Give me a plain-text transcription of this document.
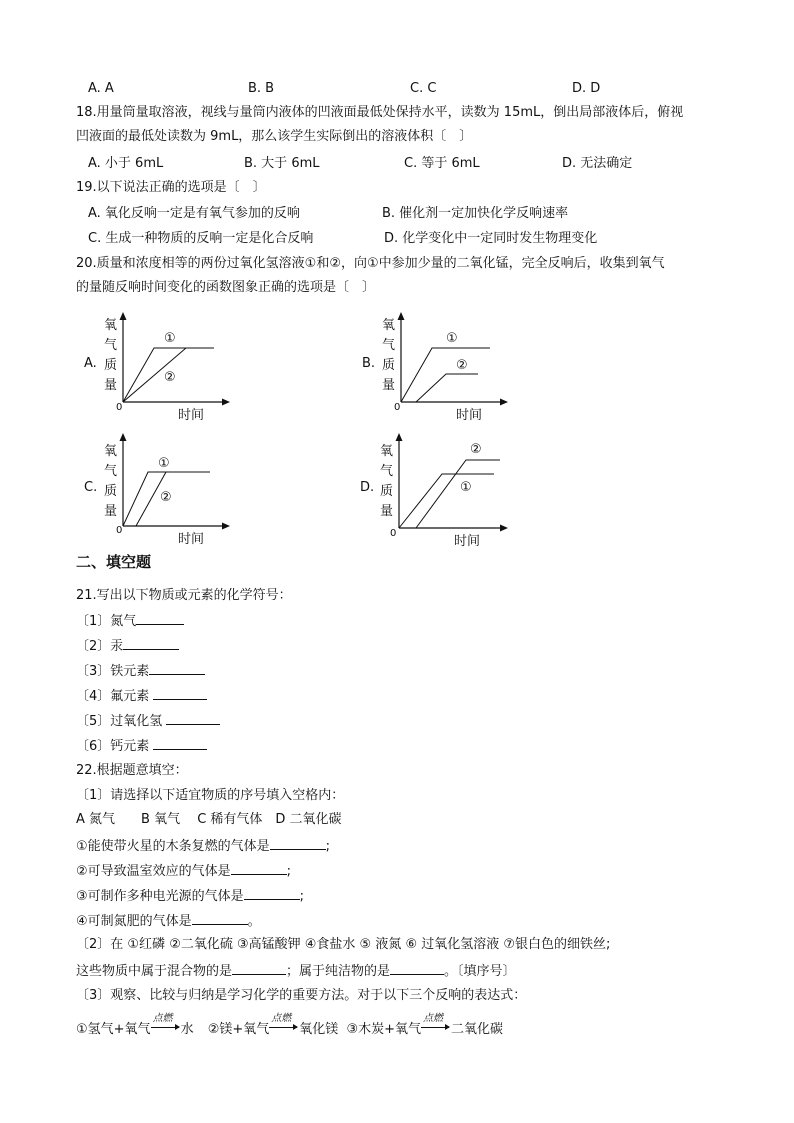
A. A	B. B	C. C	D. D
18.用量筒量取溶液，视线与量筒内液体的凹液面最低处保持水平，读数为 15mL，倒出局部液体后，俯视
凹液面的最低处读数为 9mL，那么该学生实际倒出的溶液体积〔　〕
A. 小于 6mL	B. 大于 6mL	C. 等于 6mL	D. 无法确定
19.以下说法正确的选项是〔　〕
A. 氧化反响一定是有氧气参加的反响	B. 催化剂一定加快化学反响速率
C. 生成一种物质的反响一定是化合反响	D. 化学变化中一定同时发生物理变化
20.质量和浓度相等的两份过氧化氢溶液①和②，向①中参加少量的二氧化锰，完全反响后，收集到氧气
的量随反响时间变化的函数图象正确的选项是〔　〕
A.
氧
气
质
量
0
时间
①
②
B.
氧
气
质
量
0
时间
①
②
C.
氧
气
质
量
0
时间
①
②
D.
氧
气
质
量
0
时间
②
①
二、填空题
21.写出以下物质或元素的化学符号：
〔1〕氮气
〔2〕汞
〔3〕铁元素
〔4〕氟元素
〔5〕过氧化氢
〔6〕钙元素
22.根据题意填空：
〔1〕请选择以下适宜物质的序号填入空格内：
A 氮气　　B 氧气　 C 稀有气体　D 二氧化碳
①能使带火星的木条复燃的气体是	;
②可导致温室效应的气体是	;
③可制作多种电光源的气体是	;
④可制氮肥的气体是	。
〔2〕在 ①红磷 ②二氧化硫 ③高锰酸钾 ④食盐水 ⑤ 液氮 ⑥ 过氧化氢溶液 ⑦银白色的细铁丝;
这些物质中属于混合物的是	；属于纯洁物的是	。〔填序号〕
〔3〕观察、比较与归纳是学习化学的重要方法。对于以下三个反响的表达式：
①氢气+氧气
点燃
水 ②镁+氧气
点燃
氧化镁 ③木炭+氧气
点燃
二氧化碳
